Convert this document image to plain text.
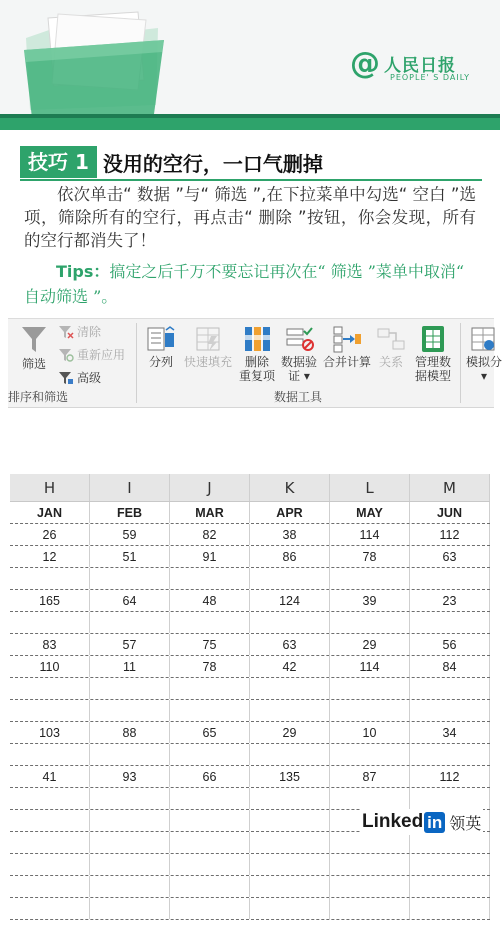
@ 人民日报
PEOPLE' S DAILY
技巧 1 没用的空行，一口气删掉

依次单击“ 数据 ”与“ 筛选 ”,在下拉菜单中勾选“ 空白 ”选项，筛除所有的空行，再点击“ 删除 ”按钮，你会发现，所有的空行都消失了！

Tips：搞定之后千万不要忘记再次在“ 筛选 ”菜单中取消“ 自动筛选 ”。

筛选
清除
重新应用
高级
排序和筛选
分列 快速填充	删除
重复项
数据验
证 ▾
合并计算 关系 管理数
据模型
模拟分
▾
数据工具
H	I	J	K	L	M
JAN	FEB	MAR	APR	MAY	JUN
26	59	82	38	114	112
12	51	91	86	78	63
165	64	48	124	39	23
83	57	75	63	29	56
110	11	78	42	114	84
103	88	65	29	10	34
41	93	66	135	87	112
Linked in 领英
